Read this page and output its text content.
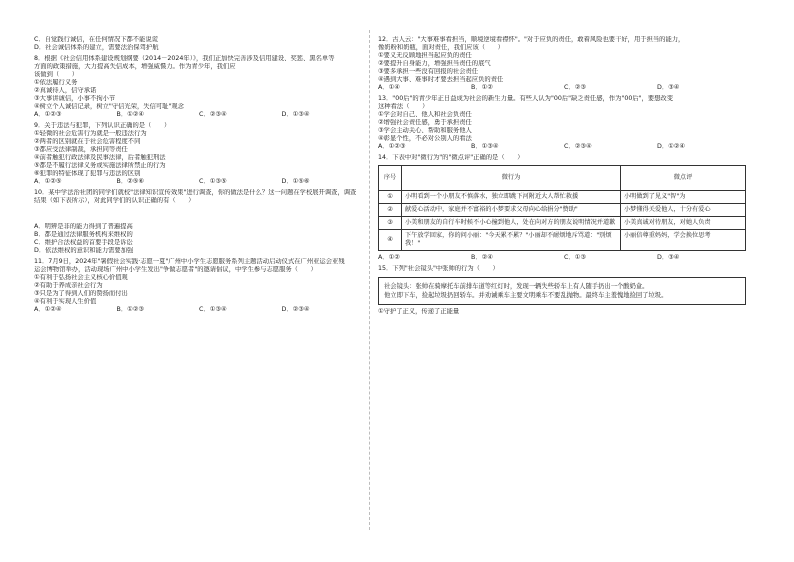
C．自觉践行诚信，在任何情况下都不能说谎
D．社会诚信体系的建立，需要法治保驾护航
8．根据《社会信用体系建设规划纲要（2014－2024年）》，我们正加快完善涉及信用建设、奖惩、黑名单等
方面的政策措施，大力提高失信成本，增强威慑力。作为青少年，我们应
该做到（　　）
①依法履行义务
②真诚待人，信守承诺
③大事讲诚信，小事不拘小节
④树立个人诚信记录，树立"守信光荣，失信可耻"观念
A．①②③	B．①②④	C．②③④	D．①③④
9．关于违法与犯罪，下列认识正确的是（　　）
①轻微的社会危害行为就是一般违法行为
②两者的区别就在于社会危害程度不同
③都应受法律制裁，承担同等责任
④前者触犯行政法律及民事法律，后者触犯刑法
⑤都是不履行法律义务或实施法律所禁止的行为
⑥犯罪的特征体现了犯罪与违法的区别
A．①②⑤	B．②⑤⑥	C．①③⑤	D．①⑤⑥
10．某中学法治社团的同学们就校"法律知识宣传效果"进行调查，你的做法是什么？这一问题在学校展开调查，调查
结果（如下表所示），对此同学们的认识正确的有（　　）
A．明辨是非的能力得到了普遍提高
B．都是通过法律服务机构来维权的
C．维护合法权益的首要手段是诉讼
D．依法维权的意识和能力需要加强
11．7月9日，2024年"暑假社会实践·志愿一夏"广州中小学生志愿服务系列主题活动启动仪式在广州亚运会亚残
运会博物馆举办，活动现场广州中小学生发出"争做志愿者"的邀请倡议，中学生参与志愿服务（　　）
①有利于弘扬社会主义核心价值观
②有助于养成亲社会行为
③只是为了得到人们的赞扬而付出
④有利于实现人生价值
A．①②④	B．①②③	C．①③④	D．②③④
12．古人云："大事难事看担当，顺境逆境看襟怀"。"对于应负的责任，敢着风险也要干好，用于担当的能力，
像奶粉和奶瓶，面对责任，我们应该（　　）
①要义无反顾地担当起应负的责任
②要提升自身能力，增强担当责任的底气
③要多承担一些没有回报的社会责任
④遇到大事、难事时才要去担当起应负的责任
A．①④	B．①②	C．②③	D．③④
13．"00后"的青少年正日益成为社会的新生力量。有些人认为"00后"缺乏责任感，作为"00后"，要想改变
这种看法（　　）
①学会对自己、他人和社会负责任
②增强社会责任感，勇于承担责任
③学会主动关心、帮助和服务他人
④彰显个性，不必对公别人的看法
A．①②③	B．①③④	C．②③④	D．①②④
14．下表中对"微行为"的"微点评"正确的是（　　）
序号	微行为	微点评
①	小明看到一个小朋友不慎落水，独立即跳下河附近大人帮忙救援	小明做到了见义"智"为
②	献爱心活动中，家庭并不富裕的小梦要求父母向心给捐分"赞助"	小梦懂得关爱他人，十分有爱心
③	小美和朋友的自行车时候不小心撞到他人，处在向对方的朋友说明情况并道歉	小美真诚对待朋友，对她人负责
④	下午放学回家，你的问小丽："今天累不累？"小丽却不耐烦地斥骂道："别烦我！"	小丽倍尊重妈妈，学会换位思考
A．①②	B．②④	C．①③	D．③④
15．下列"社会镜头"中张帅的行为（　　）
社会镜头：张帅在骑摩托车前排车道等红灯时，发现一辆失些轿车上有人随手扔出一个酸奶盒。
他立即下车，捡起垃圾扔回轿车。并劝诫乘车主要文明乘车不要乱抛物。最终车主羞愧地捡回了垃圾。
①守护了正义，传递了正能量
